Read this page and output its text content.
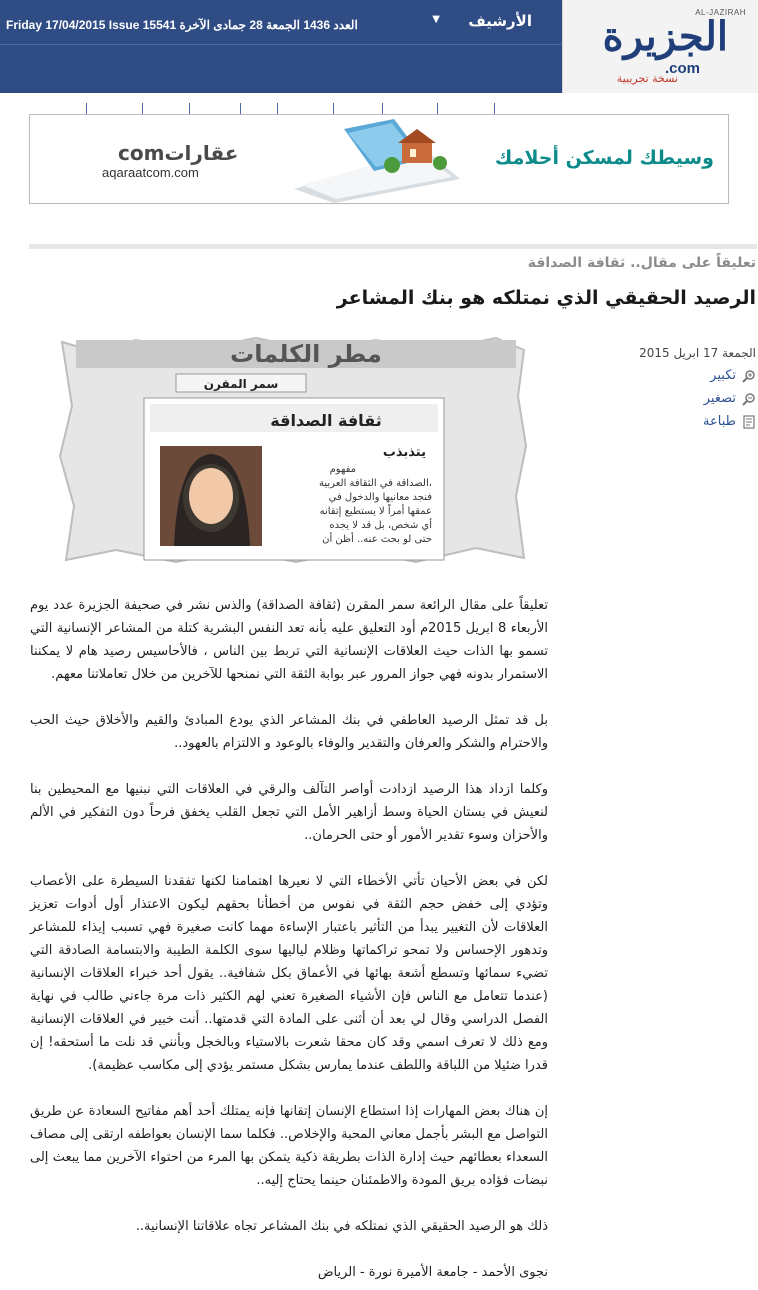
Friday 17/04/2015 Issue 15541 العدد 1436 الجمعة 28 جمادى الآخرة	▼ الأرشيف	AL-JAZIRAH
الجزيرة
.com
نسخة تجريبية
comعقارات
aqaraatcom.com
وسيطك لمسكن أحلامك
تعليقاً على مقال.. ثقافة الصداقة
الرصيد الحقيقي الذي نمتلكه هو بنك المشاعر
الجمعة 17 ابريل 2015
تكبير
تصغير
طباعة
مطر الكلمات
سمر المقرن
ثقافة الصداقة
يتذبذب
مفهوم
الصداقة في الثقافة العربية،
فنجد معانيها والدخول في
عمقها أمراً لا يستطيع إتقانه
أي شخص، بل قد لا يجده
حتى لو بحث عنه.. أظن أن

تعليقاً على مقال الرائعة سمر المقرن (ثقافة الصداقة) والذس نشر في صحيفة الجزيرة عدد يوم الأربعاء 8 ابريل 2015م أود التعليق عليه بأنه تعد النفس البشرية كتلة من المشاعر الإنسانية التي تسمو بها الذات حيث العلاقات الإنسانية التي تربط بين الناس ، فالأحاسيس رصيد هام لا يمكننا الاستمرار بدونه فهي جواز المرور عبر بوابة الثقة التي نمنحها للآخرين من خلال تعاملاتنا معهم.

بل قد تمثل الرصيد العاطفي في بنك المشاعر الذي يودع المبادئ والقيم والأخلاق حيث الحب والاحترام والشكر والعرفان والتقدير والوفاء بالوعود و الالتزام بالعهود..

وكلما ازداد هذا الرصيد ازدادت أواصر التآلف والرقي في العلاقات التي نبنيها مع المحيطين بنا لنعيش في بستان الحياة وسط أزاهير الأمل التي تجعل القلب يخفق فرحاً دون التفكير في الألم والأحزان وسوء تقدير الأمور أو حتى الحرمان..

لكن في بعض الأحيان تأتي الأخطاء التي لا نعيرها اهتمامنا لكنها تفقدنا السيطرة على الأعصاب وتؤدي إلى خفض حجم الثقة في نفوس من أخطأنا بحقهم ليكون الاعتذار أول أدوات تعزيز العلاقات لأن التغيير يبدأ من التأثير باعتبار الإساءة مهما كانت صغيرة فهي تسبب إيذاء للمشاعر وتدهور الإحساس ولا تمحو تراكماتها وظلام لياليها سوى الكلمة الطيبة والابتسامة الصادقة التي تضيء سمائها وتسطع أشعة بهائها في الأعماق بكل شفافية.. يقول أحد خبراء العلاقات الإنسانية (عندما تتعامل مع الناس فإن الأشياء الصغيرة تعني لهم الكثير ذات مرة جاءني طالب في نهاية الفصل الدراسي وقال لي بعد أن أثنى على المادة التي قدمتها.. أنت خبير في العلاقات الإنسانية ومع ذلك لا تعرف اسمي وقد كان محقا شعرت بالاستياء وبالخجل وبأنني قد نلت ما أستحقه! إن قدرا ضئيلا من اللباقة واللطف عندما يمارس بشكل مستمر يؤدي إلى مكاسب عظيمة).

إن هناك بعض المهارات إذا استطاع الإنسان إتقانها فإنه يمتلك أحد أهم مفاتيح السعادة عن طريق التواصل مع البشر بأجمل معاني المحبة والإخلاص.. فكلما سما الإنسان بعواطفه ارتقى إلى مصاف السعداء بعطائهم حيث إدارة الذات بطريقة ذكية يتمكن بها المرء من احتواء الآخرين مما يبعث إلى نبضات فؤاده بريق المودة والاطمئنان حينما يحتاج إليه..

ذلك هو الرصيد الحقيقي الذي نمتلكه في بنك المشاعر تجاه علاقاتنا الإنسانية..

نجوى الأحمد - جامعة الأميرة نورة - الرياض
